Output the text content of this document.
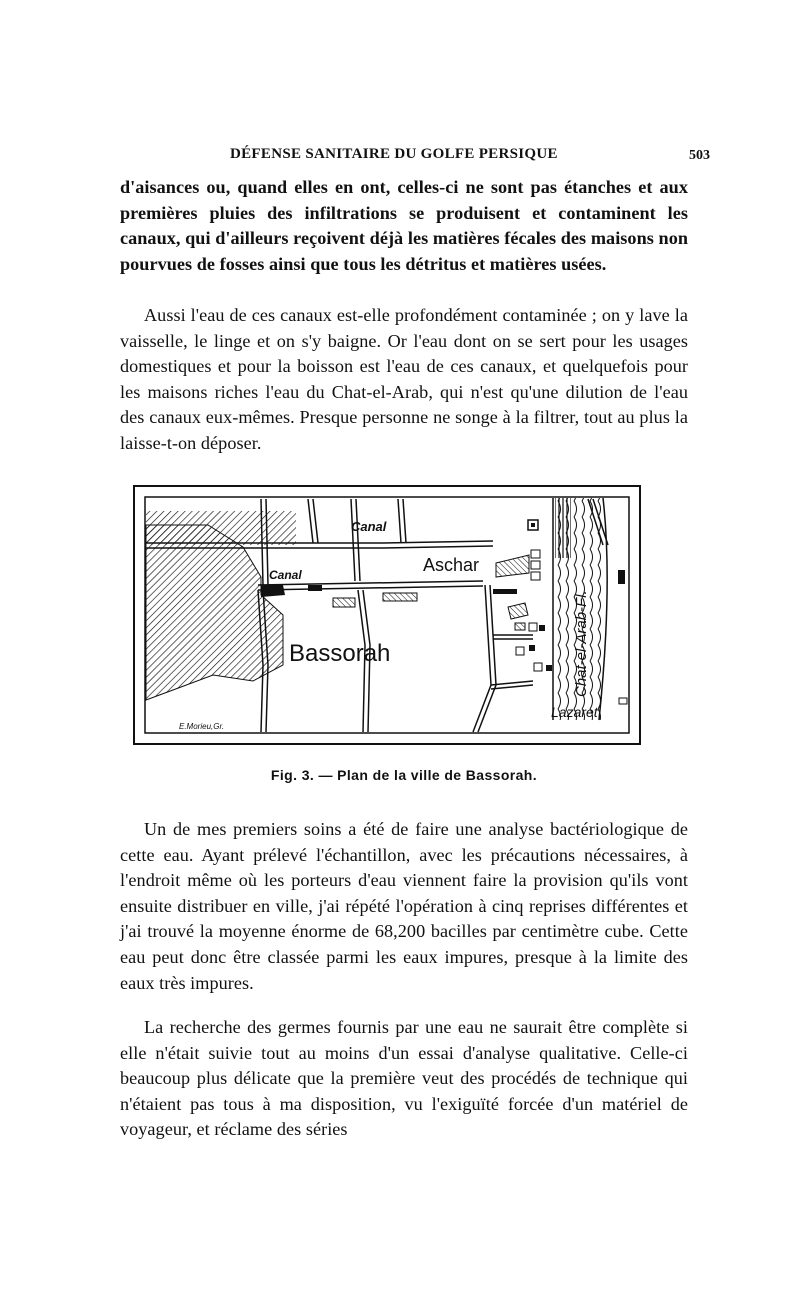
DÉFENSE SANITAIRE DU GOLFE PERSIQUE	503

d'aisances ou, quand elles en ont, celles-ci ne sont pas étanches et aux premières pluies des infiltrations se produisent et contaminent les canaux, qui d'ailleurs reçoivent déjà les matières fécales des maisons non pourvues de fosses ainsi que tous les détritus et matières usées.

Aussi l'eau de ces canaux est-elle profondément contaminée ; on y lave la vaisselle, le linge et on s'y baigne. Or l'eau dont on se sert pour les usages domestiques et pour la boisson est l'eau de ces canaux, et quelquefois pour les maisons riches l'eau du Chat-el-Arab, qui n'est qu'une dilution de l'eau des canaux eux-mêmes. Presque personne ne songe à la filtrer, tout au plus la laisse-t-on déposer.

Canal
Canal	Aschar
Bassorah	Chat-el-Arab-Fl.
Lazaret
E.Morieu,Gr.
Fig. 3. — Plan de la ville de Bassorah.

Un de mes premiers soins a été de faire une analyse bactériologique de cette eau. Ayant prélevé l'échantillon, avec les précautions nécessaires, à l'endroit même où les porteurs d'eau viennent faire la provision qu'ils vont ensuite distribuer en ville, j'ai répété l'opération à cinq reprises différentes et j'ai trouvé la moyenne énorme de 68,200 bacilles par centimètre cube. Cette eau peut donc être classée parmi les eaux impures, presque à la limite des eaux très impures.

La recherche des germes fournis par une eau ne saurait être complète si elle n'était suivie tout au moins d'un essai d'analyse qualitative. Celle-ci beaucoup plus délicate que la première veut des procédés de technique qui n'étaient pas tous à ma disposition, vu l'exiguïté forcée d'un matériel de voyageur, et réclame des séries
